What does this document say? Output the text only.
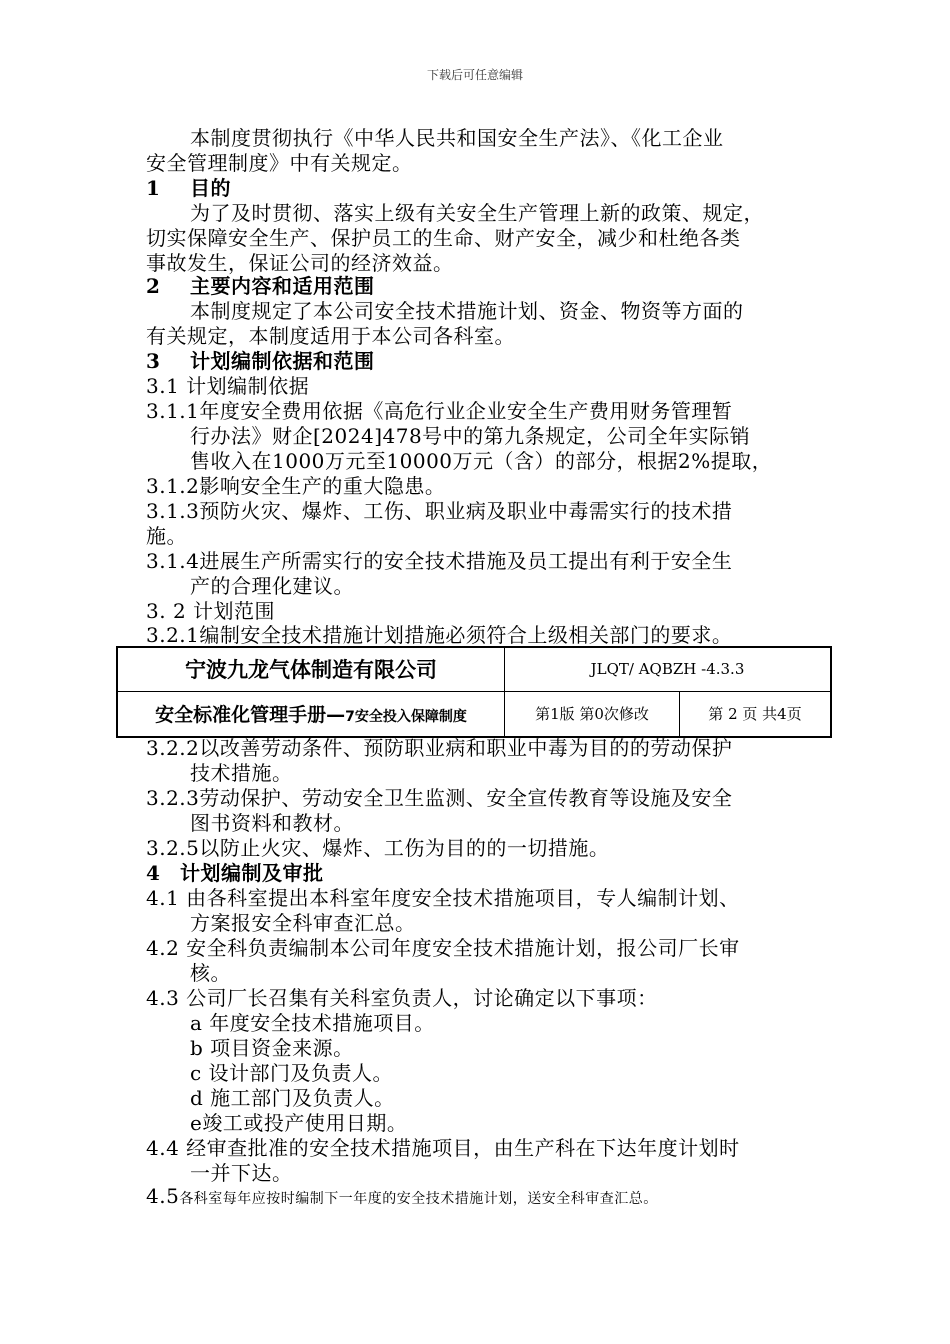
下载后可任意编辑
本制度贯彻执行《中华人民共和国安全生产法》、《化工企业
安全管理制度》中有关规定。
1 目的
为了及时贯彻、落实上级有关安全生产管理上新的政策、规定，
切实保障安全生产、保护员工的生命、财产安全，减少和杜绝各类
事故发生，保证公司的经济效益。
2 主要内容和适用范围
本制度规定了本公司安全技术措施计划、资金、物资等方面的
有关规定，本制度适用于本公司各科室。
3 计划编制依据和范围
3.1 计划编制依据
3.1.1年度安全费用依据《高危行业企业安全生产费用财务管理暂
行办法》财企[2024]478号中的第九条规定，公司全年实际销
售收入在1000万元至10000万元（含）的部分，根据2%提取，
3.1.2影响安全生产的重大隐患。
3.1.3预防火灾、爆炸、工伤、职业病及职业中毒需实行的技术措
施。
3.1.4进展生产所需实行的安全技术措施及员工提出有利于安全生
产的合理化建议。
3. 2 计划范围
3.2.1编制安全技术措施计划措施必须符合上级相关部门的要求。
宁波九龙气体制造有限公司	JLQT/ AQBZH -4.3.3	
安全标准化管理手册—7安全投入保障制度	第1版 第0次修改	第 2 页 共4页
3.2.2以改善劳动条件、预防职业病和职业中毒为目的的劳动保护
技术措施。
3.2.3劳动保护、劳动安全卫生监测、安全宣传教育等设施及安全
图书资料和教材。
3.2.5以防止火灾、爆炸、工伤为目的的一切措施。
4 计划编制及审批
4.1 由各科室提出本科室年度安全技术措施项目，专人编制计划、
方案报安全科审查汇总。
4.2 安全科负责编制本公司年度安全技术措施计划，报公司厂长审
核。
4.3 公司厂长召集有关科室负责人，讨论确定以下事项：
a 年度安全技术措施项目。
b 项目资金来源。
c 设计部门及负责人。
d 施工部门及负责人。
e竣工或投产使用日期。
4.4 经审查批准的安全技术措施项目，由生产科在下达年度计划时
一并下达。
4.5各科室每年应按时编制下一年度的安全技术措施计划，送安全科审查汇总。
